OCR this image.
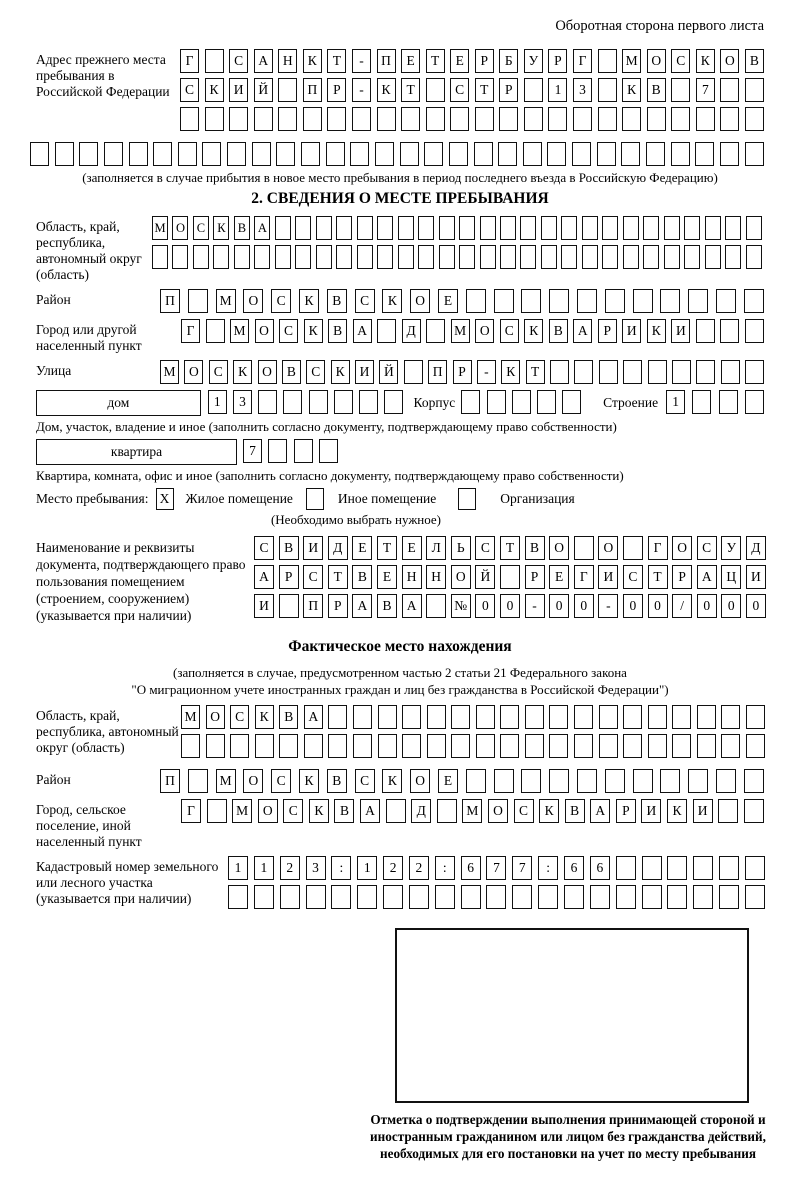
Оборотная сторона первого листа
Адрес прежнего места пребывания в Российской Федерации
Г	С	А	Н	К	Т	-	П	Е	Т	Е	Р	Б	У	Р	Г	М	О	С	К	О	В
С	К	И	Й	П	Р	-	К	Т	С	Т	Р	1	3	К	В	7
(заполняется в случае прибытия в новое место пребывания в период последнего въезда в Российскую Федерацию)
2. СВЕДЕНИЯ О МЕСТЕ ПРЕБЫВАНИЯ
Область, край, республика, автономный округ (область)
М О С К В А
Район	П	М	О	С	К	В	С	К	О	Е
Город или другой населенный пункт
Г	М	О	С	К	В	А	Д	М	О	С	К	В	А	Р	И	К	И
Улица	М	О	С	К	О	В	С	К	И	Й	П	Р	-	К	Т
дом	1	3	Корпус	Строение	1
Дом, участок, владение и иное (заполнить согласно документу, подтверждающему право собственности)
квартира	7
Квартира, комната, офис и иное (заполнить согласно документу, подтверждающему право собственности)
Место пребывания: X	Жилое помещение	Иное помещение	Организация
(Необходимо выбрать нужное)
Наименование и реквизиты документа, подтверждающего право пользования помещением (строением, сооружением) (указывается при наличии)
С	В	И	Д	Е	Т	Е	Л	Ь	С	Т	В	О	О	Г	О	С	У	Д
А	Р	С	Т	В	Е	Н	Н	О	Й	Р	Е	Г	И	С	Т	Р	А	Ц	И
И	П	Р	А	В	А	№	0	0	-	0	0	-	0	0	/	0	0	0
Фактическое место нахождения
(заполняется в случае, предусмотренном частью 2 статьи 21 Федерального закона
"О миграционном учете иностранных граждан и лиц без гражданства в Российской Федерации")
Область, край, республика, автономный округ (область)
М	О	С	К	В	А
Район	П	М	О	С	К	В	С	К	О	Е
Город, сельское поселение, иной населенный пункт
Г	М	О	С	К	В	А	Д	М	О	С	К	В	А	Р	И	К	И
Кадастровый номер земельного или лесного участка (указывается при наличии)
1	1	2	3	:	1	2	2	:	6	7	7	:	6	6
Отметка о подтверждении выполнения принимающей стороной и иностранным гражданином или лицом без гражданства действий, необходимых для его постановки на учет по месту пребывания
